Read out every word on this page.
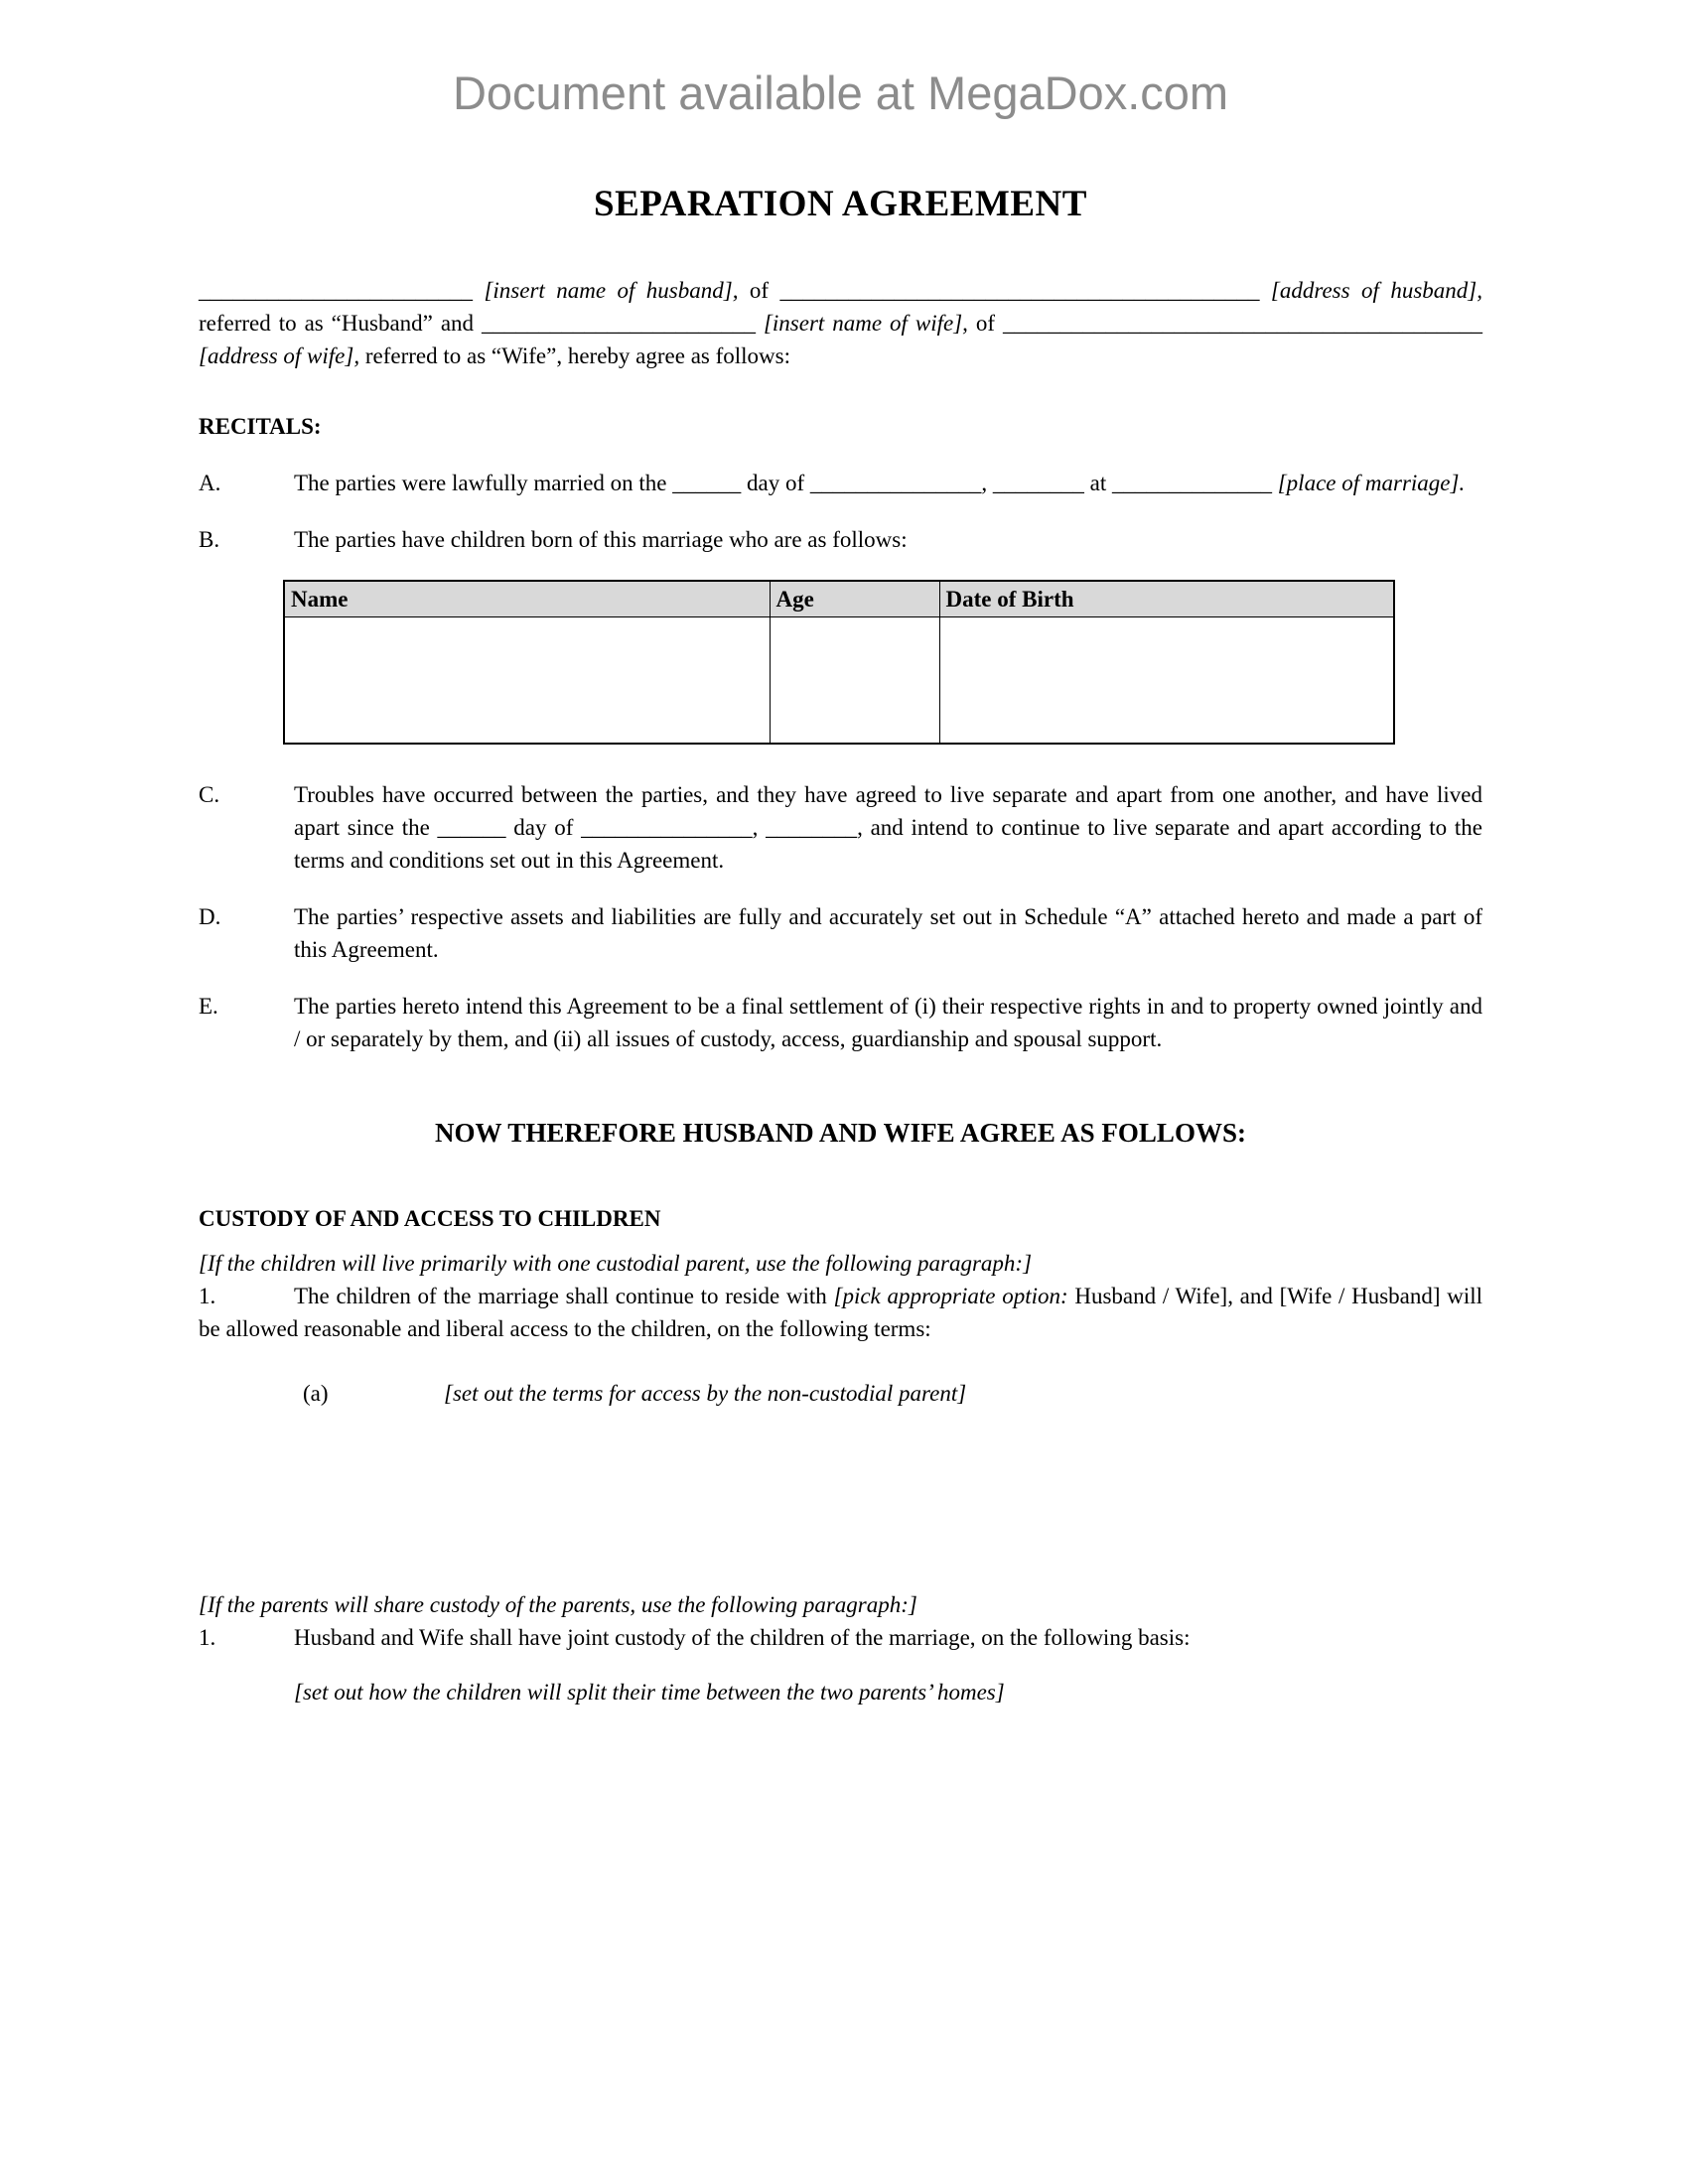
Document available at MegaDox.com
SEPARATION AGREEMENT

________________________ [insert name of husband], of __________________________________________ [address of husband], referred to as “Husband” and ________________________ [insert name of wife], of __________________________________________ [address of wife], referred to as “Wife”, hereby agree as follows:

RECITALS:
A.	The parties were lawfully married on the ______ day of _______________, ________ at ______________ [place of marriage].
B.	The parties have children born of this marriage who are as follows:
Name	Age	Date of Birth

C.	Troubles have occurred between the parties, and they have agreed to live separate and apart from one another, and have lived apart since the ______ day of _______________, ________, and intend to continue to live separate and apart according to the terms and conditions set out in this Agreement.
D.	The parties’ respective assets and liabilities are fully and accurately set out in Schedule “A” attached hereto and made a part of this Agreement.
E.	The parties hereto intend this Agreement to be a final settlement of (i) their respective rights in and to property owned jointly and / or separately by them, and (ii) all issues of custody, access, guardianship and spousal support.
NOW THEREFORE HUSBAND AND WIFE AGREE AS FOLLOWS:
CUSTODY OF AND ACCESS TO CHILDREN
[If the children will live primarily with one custodial parent, use the following paragraph:]

1.	The children of the marriage shall continue to reside with [pick appropriate option: Husband / Wife], and [Wife / Husband] will be allowed reasonable and liberal access to the children, on the following terms:

(a)	[set out the terms for access by the non-custodial parent]
[If the parents will share custody of the parents, use the following paragraph:]

1.	Husband and Wife shall have joint custody of the children of the marriage, on the following basis:

[set out how the children will split their time between the two parents’ homes]
